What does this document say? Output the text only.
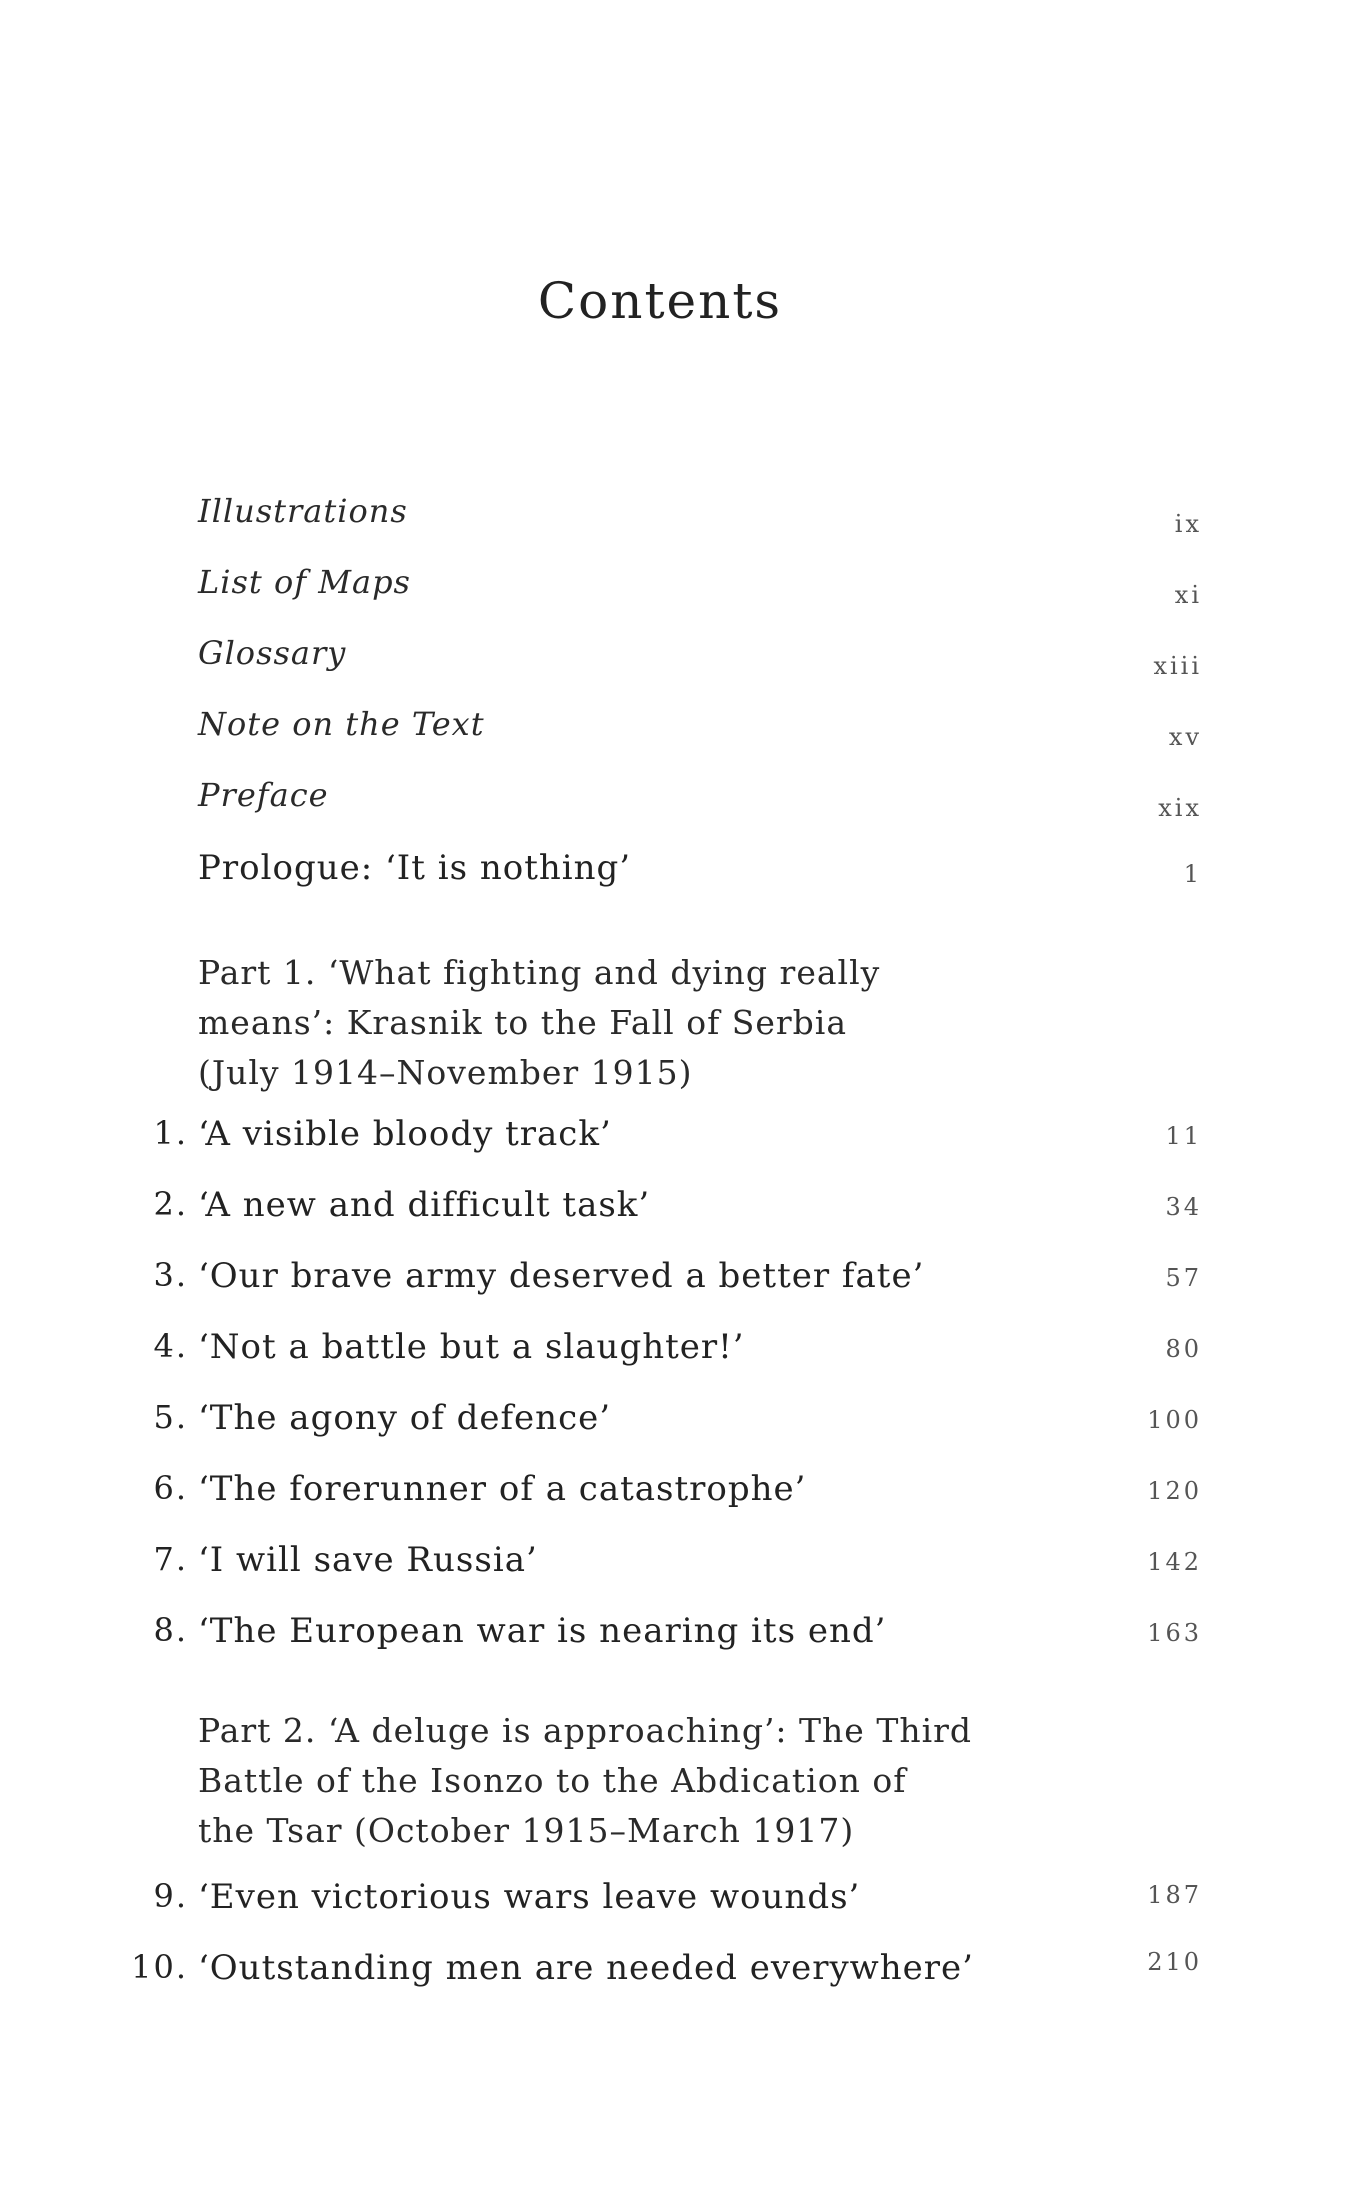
Contents
Illustrations	ix
List of Maps	xi
Glossary	xiii
Note on the Text	xv
Preface	xix
Prologue: ‘It is nothing’	1
Part 1. ‘What fighting and dying really
means’: Krasnik to the Fall of Serbia
(July 1914–November 1915)
1. ‘A visible bloody track’	11
2. ‘A new and difficult task’	34
3. ‘Our brave army deserved a better fate’	57
4. ‘Not a battle but a slaughter!’	80
5. ‘The agony of defence’	100
6. ‘The forerunner of a catastrophe’	120
7. ‘I will save Russia’	142
8. ‘The European war is nearing its end’	163
Part 2. ‘A deluge is approaching’: The Third
Battle of the Isonzo to the Abdication of
the Tsar (October 1915–March 1917)
9. ‘Even victorious wars leave wounds’	187
10. ‘Outstanding men are needed everywhere’	210
